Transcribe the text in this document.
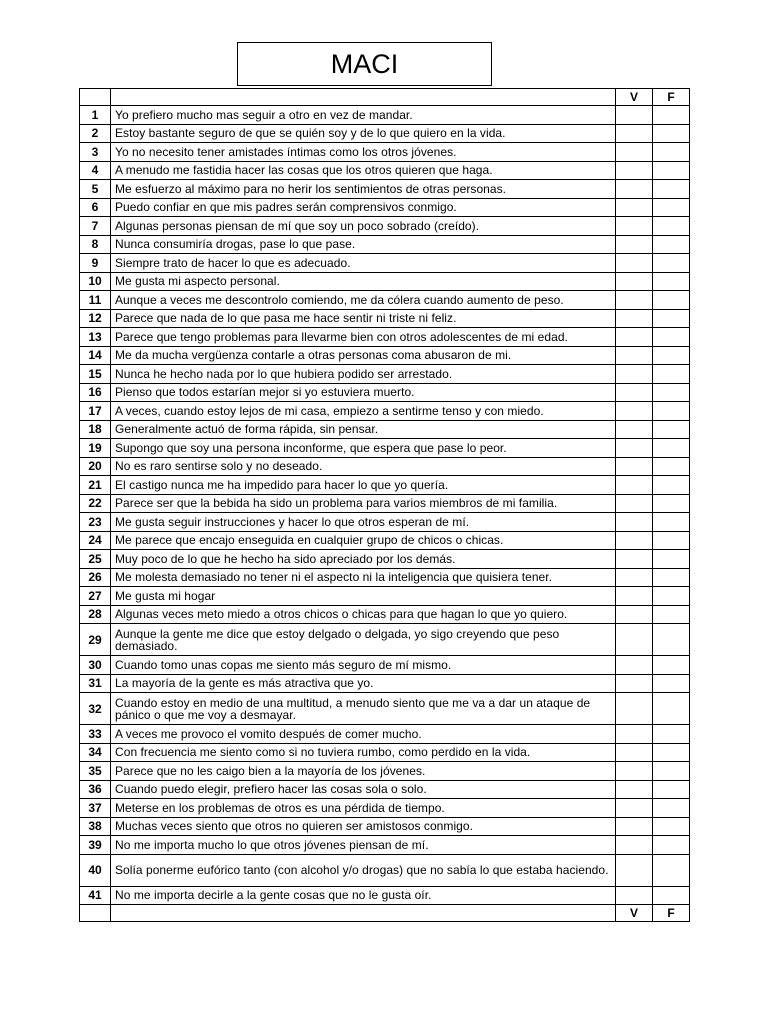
MACI
		V	F
1	Yo prefiero mucho mas seguir a otro en vez de mandar.		
2	Estoy bastante seguro de que se quién soy y de lo que quiero en la vida.		
3	Yo no necesito tener amistades íntimas como los otros jóvenes.		
4	A menudo me fastidia hacer las cosas que los otros quieren que haga.		
5	Me esfuerzo al máximo para no herir los sentimientos de otras personas.		
6	Puedo confiar en que mis padres serán comprensivos conmigo.		
7	Algunas personas piensan de mí que soy un poco sobrado (creído).		
8	Nunca consumiría drogas, pase lo que pase.		
9	Siempre trato de hacer lo que es adecuado.		
10	Me gusta mi aspecto personal.		
11	Aunque a veces me descontrolo comiendo, me da cólera cuando aumento de peso.		
12	Parece que nada de lo que pasa me hace sentir ni triste ni feliz.		
13	Parece que tengo problemas para llevarme bien con otros adolescentes de mi edad.		
14	Me da mucha vergüenza contarle a otras personas coma abusaron de mi.		
15	Nunca he hecho nada por lo que hubiera podido ser arrestado.		
16	Pienso que todos estarían mejor si yo estuviera muerto.		
17	A veces, cuando estoy lejos de mi casa, empiezo a sentirme tenso y con miedo.		
18	Generalmente actuó de forma rápida, sin pensar.		
19	Supongo que soy una persona inconforme, que espera que pase lo peor.		
20	No es raro sentirse solo y no deseado.		
21	El castigo nunca me ha impedido para hacer lo que yo quería.		
22	Parece ser que la bebida ha sido un problema para varios miembros de mi familia.		
23	Me gusta seguir instrucciones y hacer lo que otros esperan de mí.		
24	Me parece que encajo enseguida en cualquier grupo de chicos o chicas.		
25	Muy poco de lo que he hecho ha sido apreciado por los demás.		
26	Me molesta demasiado no tener ni el aspecto ni la inteligencia que quisiera tener.		
27	Me gusta mi hogar		
28	Algunas veces meto miedo a otros chicos o chicas para que hagan lo que yo quiero.		
29	Aunque la gente me dice que estoy delgado o delgada, yo sigo creyendo que peso demasiado.		
30	Cuando tomo unas copas me siento más seguro de mí mismo.		
31	La mayoría de la gente es más atractiva que yo.		
32	Cuando estoy en medio de una multitud, a menudo siento que me va a dar un ataque de pánico o que me voy a desmayar.		
33	A veces me provoco el vomito después de comer mucho.		
34	Con frecuencia me siento como si no tuviera rumbo, como perdido en la vida.		
35	Parece que no les caigo bien a la mayoría de los jóvenes.		
36	Cuando puedo elegir, prefiero hacer las cosas sola o solo.		
37	Meterse en los problemas de otros es una pérdida de tiempo.		
38	Muchas veces siento que otros no quieren ser amistosos conmigo.		
39	No me importa mucho lo que otros jóvenes piensan de mí.		
40	Solía ponerme eufórico tanto (con alcohol y/o drogas) que no sabía lo que estaba haciendo.		
41	No me importa decirle a la gente cosas que no le gusta oír.		
		V	F
